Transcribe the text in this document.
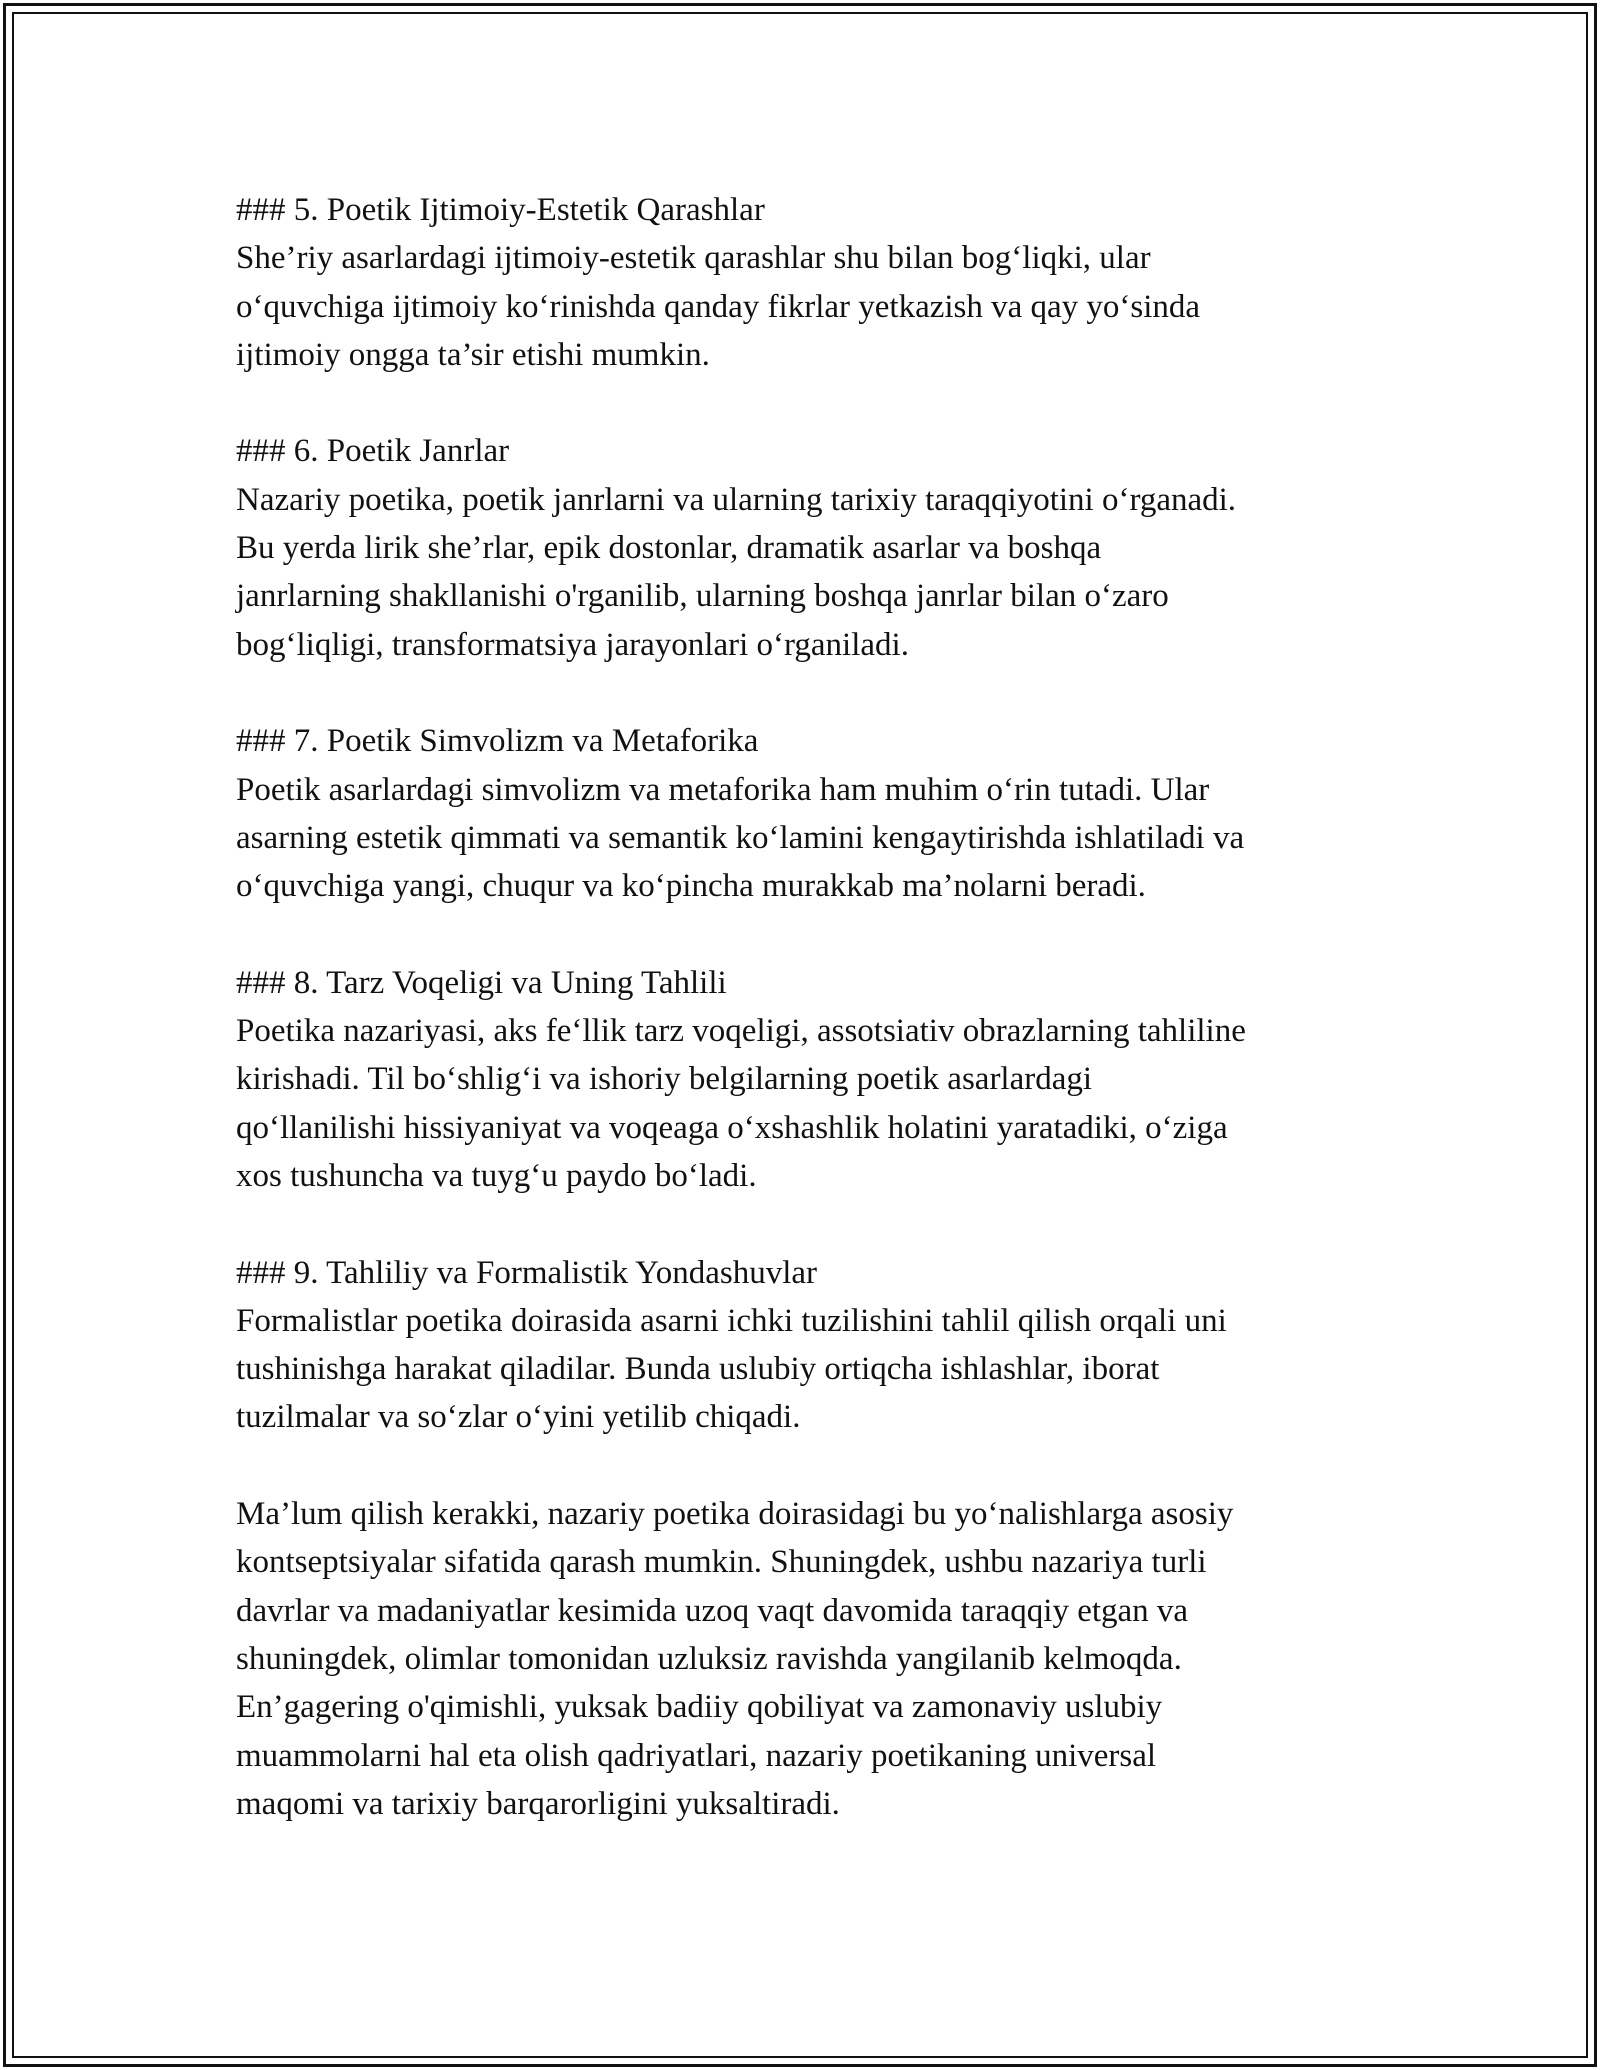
### 5. Poetik Ijtimoiy-Estetik Qarashlar
She’riy asarlardagi ijtimoiy-estetik qarashlar shu bilan bog‘liqki, ular
o‘quvchiga ijtimoiy ko‘rinishda qanday fikrlar yetkazish va qay yo‘sinda
ijtimoiy ongga ta’sir etishi mumkin.
### 6. Poetik Janrlar
Nazariy poetika, poetik janrlarni va ularning tarixiy taraqqiyotini o‘rganadi.
Bu yerda lirik she’rlar, epik dostonlar, dramatik asarlar va boshqa
janrlarning shakllanishi o'rganilib, ularning boshqa janrlar bilan o‘zaro
bog‘liqligi, transformatsiya jarayonlari o‘rganiladi.
### 7. Poetik Simvolizm va Metaforika
Poetik asarlardagi simvolizm va metaforika ham muhim o‘rin tutadi. Ular
asarning estetik qimmati va semantik ko‘lamini kengaytirishda ishlatiladi va
o‘quvchiga yangi, chuqur va ko‘pincha murakkab ma’nolarni beradi.
### 8. Tarz Voqeligi va Uning Tahlili
Poetika nazariyasi, aks fe‘llik tarz voqeligi, assotsiativ obrazlarning tahliline
kirishadi. Til bo‘shlig‘i va ishoriy belgilarning poetik asarlardagi
qo‘llanilishi hissiyaniyat va voqeaga o‘xshashlik holatini yaratadiki, o‘ziga
xos tushuncha va tuyg‘u paydo bo‘ladi.
### 9. Tahliliy va Formalistik Yondashuvlar
Formalistlar poetika doirasida asarni ichki tuzilishini tahlil qilish orqali uni
tushinishga harakat qiladilar. Bunda uslubiy ortiqcha ishlashlar, iborat
tuzilmalar va so‘zlar o‘yini yetilib chiqadi.
Ma’lum qilish kerakki, nazariy poetika doirasidagi bu yo‘nalishlarga asosiy
kontseptsiyalar sifatida qarash mumkin. Shuningdek, ushbu nazariya turli
davrlar va madaniyatlar kesimida uzoq vaqt davomida taraqqiy etgan va
shuningdek, olimlar tomonidan uzluksiz ravishda yangilanib kelmoqda.
En’gagering o'qimishli, yuksak badiiy qobiliyat va zamonaviy uslubiy
muammolarni hal eta olish qadriyatlari, nazariy poetikaning universal
maqomi va tarixiy barqarorligini yuksaltiradi.
